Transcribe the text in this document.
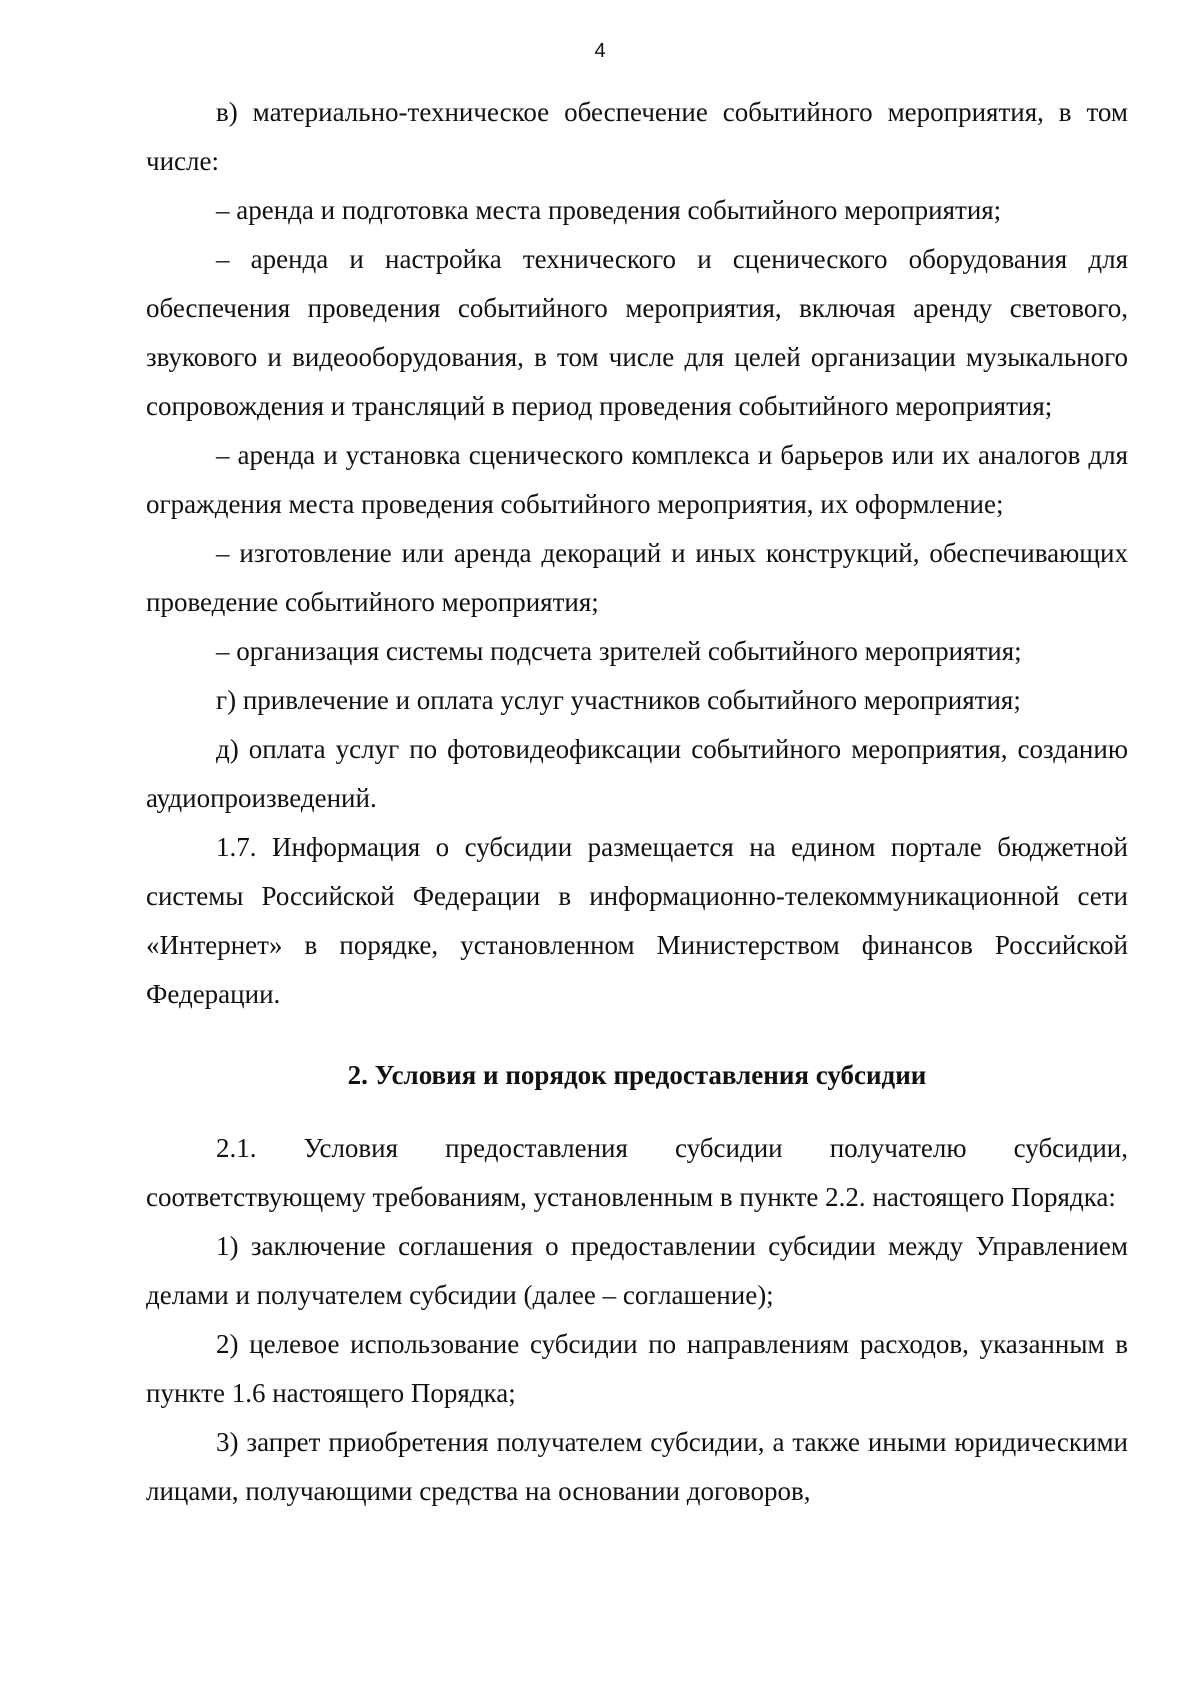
4

в) материально-техническое обеспечение событийного мероприятия, в том числе:

– аренда и подготовка места проведения событийного мероприятия;

– аренда и настройка технического и сценического оборудования для обеспечения проведения событийного мероприятия, включая аренду светового, звукового и видеооборудования, в том числе для целей организации музыкального сопровождения и трансляций в период проведения событийного мероприятия;

– аренда и установка сценического комплекса и барьеров или их аналогов для ограждения места проведения событийного мероприятия, их оформление;

– изготовление или аренда декораций и иных конструкций, обеспечивающих проведение событийного мероприятия;

– организация системы подсчета зрителей событийного мероприятия;

г) привлечение и оплата услуг участников событийного мероприятия;

д) оплата услуг по фотовидеофиксации событийного мероприятия, созданию аудиопроизведений.

1.7. Информация о субсидии размещается на едином портале бюджетной системы Российской Федерации в информационно-телекоммуникационной сети «Интернет» в порядке, установленном Министерством финансов Российской Федерации.

2. Условия и порядок предоставления субсидии

2.1. Условия предоставления субсидии получателю субсидии, соответствующему требованиям, установленным в пункте 2.2. настоящего Порядка:

1) заключение соглашения о предоставлении субсидии между Управлением делами и получателем субсидии (далее – соглашение);

2) целевое использование субсидии по направлениям расходов, указанным в пункте 1.6 настоящего Порядка;

3) запрет приобретения получателем субсидии, а также иными юридическими лицами, получающими средства на основании договоров,
